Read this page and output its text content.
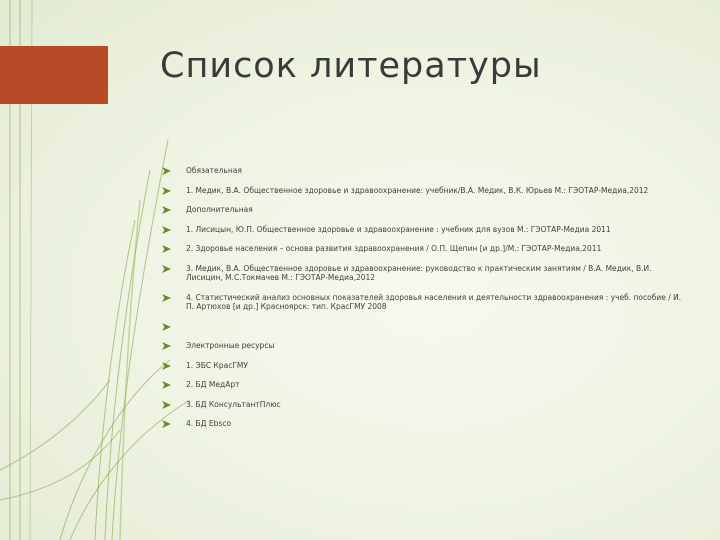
Список литературы
Обязательная
1. Медик, В.А. Общественное здоровье и здравоохранение: учебник/В.А. Медик, В.К. Юрьев М.: ГЭОТАР-Медиа,2012
Дополнительная
1. Лисицын, Ю.П. Общественное здоровье и здравоохранение : учебник для вузов М.: ГЭОТАР-Медиа 2011
2. Здоровье населения – основа развития здравоохранения / О.П. Щепин [и др.]/М.: ГЭОТАР-Медиа,2011
3. Медик, В.А. Общественное здоровье и здравоохранение: руководство к практическим занятиям / В.А. Медик, В.И. Лисицин, М.С.Токмачев М.: ГЭОТАР-Медиа,2012
4. Статистический анализ основных показателей здоровья населения и деятельности здравоохранения : учеб. пособие / И. П. Артюхов [и др.] Красноярск: тип. КрасГМУ 2008
Электронные ресурсы
1. ЭБС КрасГМУ
2. БД МедАрт
3. БД КонсультантПлюс
4. БД Ebsco
